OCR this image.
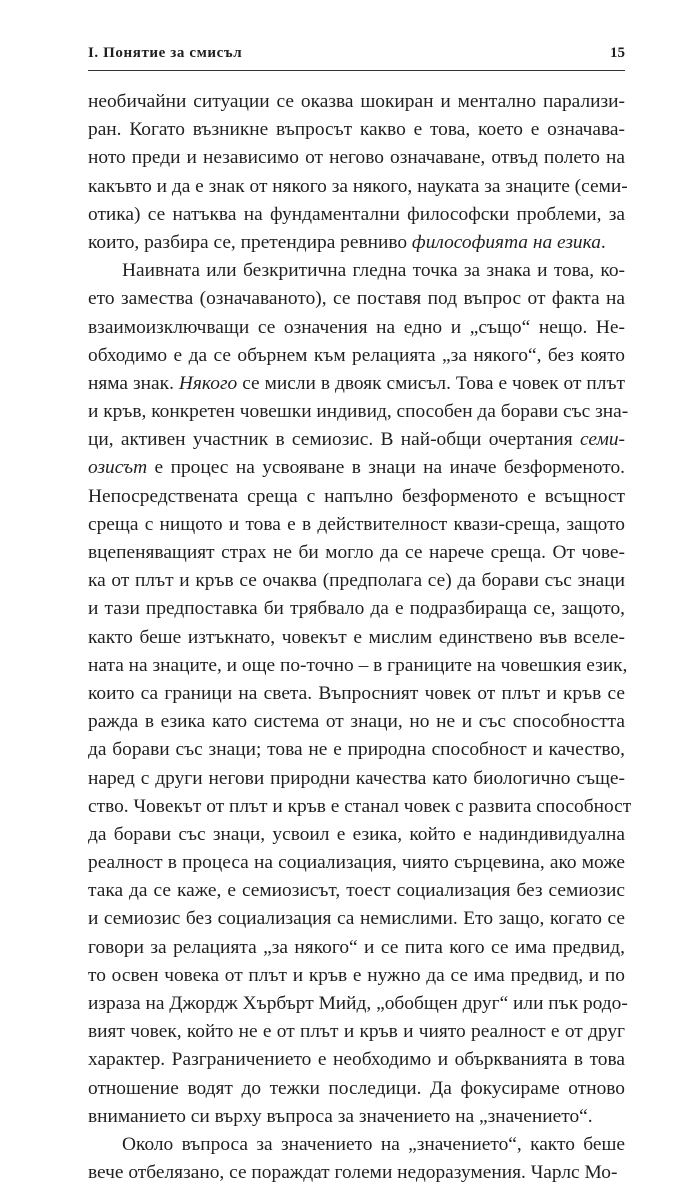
I. Понятие за смисъл	15
необичайни ситуации се оказва шокиран и ментално парализи-
ран. Когато възникне въпросът какво е това, което е означава-
ното преди и независимо от негово означаване, отвъд полето на
какъвто и да е знак от някого за някого, науката за знаците (семи-
отика) се натъква на фундаментални философски проблеми, за
които, разбира се, претендира ревниво философията на езика.
Наивната или безкритична гледна точка за знака и това, ко-
ето замества (означаваното), се поставя под въпрос от факта на
взаимоизключващи се означения на едно и „също“ нещо. Не-
обходимо е да се обърнем към релацията „за някого“, без която
няма знак. Някого се мисли в двояк смисъл. Това е човек от плът
и кръв, конкретен човешки индивид, способен да борави със зна-
ци, активен участник в семиозис. В най-общи очертания семи-
озисът е процес на усвояване в знаци на иначе безформеното.
Непосредствената среща с напълно безформеното е всъщност
среща с нищото и това е в действителност квази-среща, защото
вцепеняващият страх не би могло да се нарече среща. От чове-
ка от плът и кръв се очаква (предполага се) да борави със знаци
и тази предпоставка би трябвало да е подразбираща се, защото,
както беше изтъкнато, човекът е мислим единствено във вселе-
ната на знаците, и още по-точно – в границите на човешкия език,
които са граници на света. Въпросният човек от плът и кръв се
ражда в езика като система от знаци, но не и със способността
да борави със знаци; това не е природна способност и качество,
наред с други негови природни качества като биологично съще-
ство. Човекът от плът и кръв е станал човек с развита способност
да борави със знаци, усвоил е езика, който е надиндивидуална
реалност в процеса на социализация, чиято сърцевина, ако може
така да се каже, е семиозисът, тоест социализация без семиозис
и семиозис без социализация са немислими. Ето защо, когато се
говори за релацията „за някого“ и се пита кого се има предвид,
то освен човека от плът и кръв е нужно да се има предвид, и по
израза на Джордж Хърбърт Мийд, „обобщен друг“ или пък родо-
вият човек, който не е от плът и кръв и чиято реалност е от друг
характер. Разграничението е необходимо и объркванията в това
отношение водят до тежки последици. Да фокусираме отново
вниманието си върху въпроса за значението на „значението“.
Около въпроса за значението на „значението“, както беше
вече отбелязано, се пораждат големи недоразумения. Чарлс Мо-
